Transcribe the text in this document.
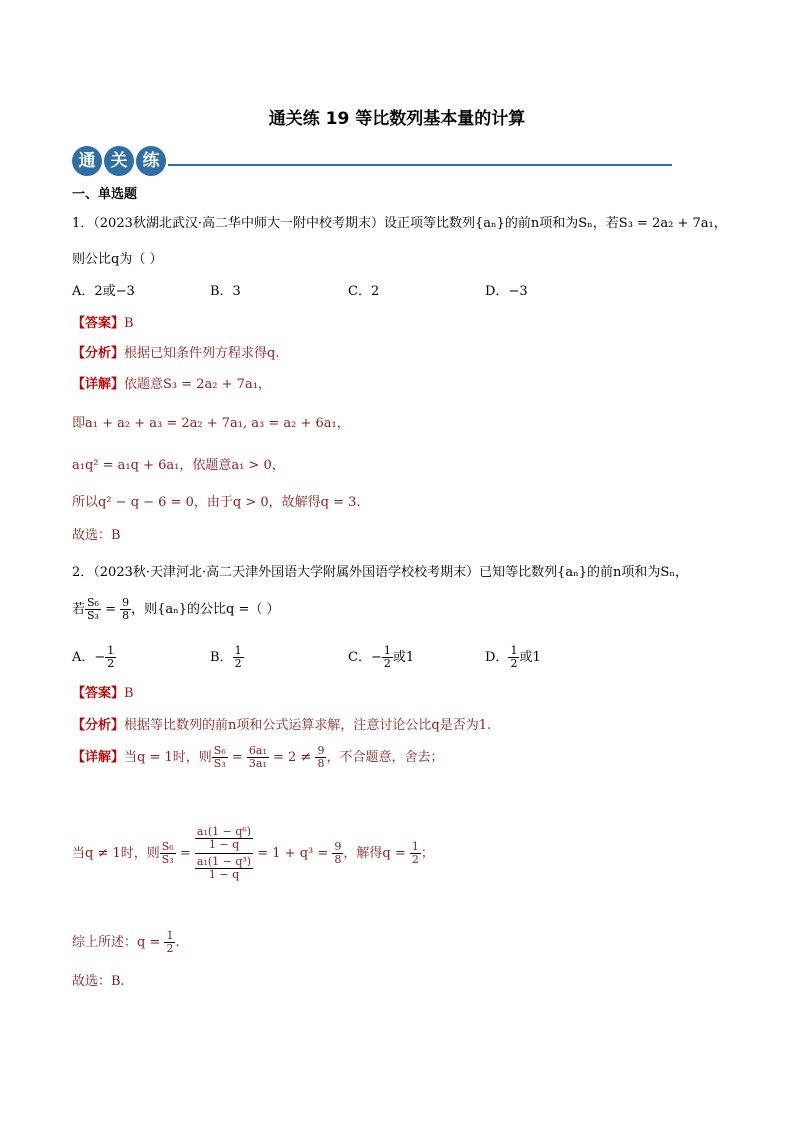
通关练 19 等比数列基本量的计算
通 关 练
一、单选题
1．（2023秋湖北武汉·高二华中师大一附中校考期末）设正项等比数列{aₙ}的前n项和为Sₙ，若S₃ = 2a₂ + 7a₁，
则公比q为（ ）
A．2或−3	B．3	C．2	D．−3
【答案】B
【分析】根据已知条件列方程求得q.
【详解】依题意S₃ = 2a₂ + 7a₁，
即a₁ + a₂ + a₃ = 2a₂ + 7a₁, a₃ = a₂ + 6a₁，
a₁q² = a₁q + 6a₁，依题意a₁ > 0，
所以q² − q − 6 = 0，由于q > 0，故解得q = 3.
故选：B
2．（2023秋·天津河北·高二天津外国语大学附属外国语学校校考期末）已知等比数列{aₙ}的前n项和为Sₙ，
若 $\frac{\text{S₆}}{\text{S₃}} = \frac{9}{8}$ ，则{aₙ}的公比q =（ ）
A．− $\frac{1}{2}$	B． $\frac{1}{2}$	C．− $\frac{1}{2}$ 或1	D． $\frac{1}{2}$ 或1
【答案】B
【分析】根据等比数列的前n项和公式运算求解，注意讨论公比q是否为1.
【详解】当q = 1时，则 $\frac{\text{S₆}}{\text{S₃}} = \frac{\text{6a₁}}{\text{3a₁}} = 2 \ne \frac{9}{8}$ ，不合题意，舍去；
当q ≠ 1时，则 $\frac{\text{S₆}}{\text{S₃}} = \frac{\frac{\text{a₁(1 − q⁶)}}{1 - q}}{\frac{\text{a₁(1 − q³)}}{1 - q}} = 1 + q^3 = \frac{9}{8}$ ，解得$q = \frac{1}{2}$ ；
综上所述：$q = \frac{1}{2}$ .
故选：B.
